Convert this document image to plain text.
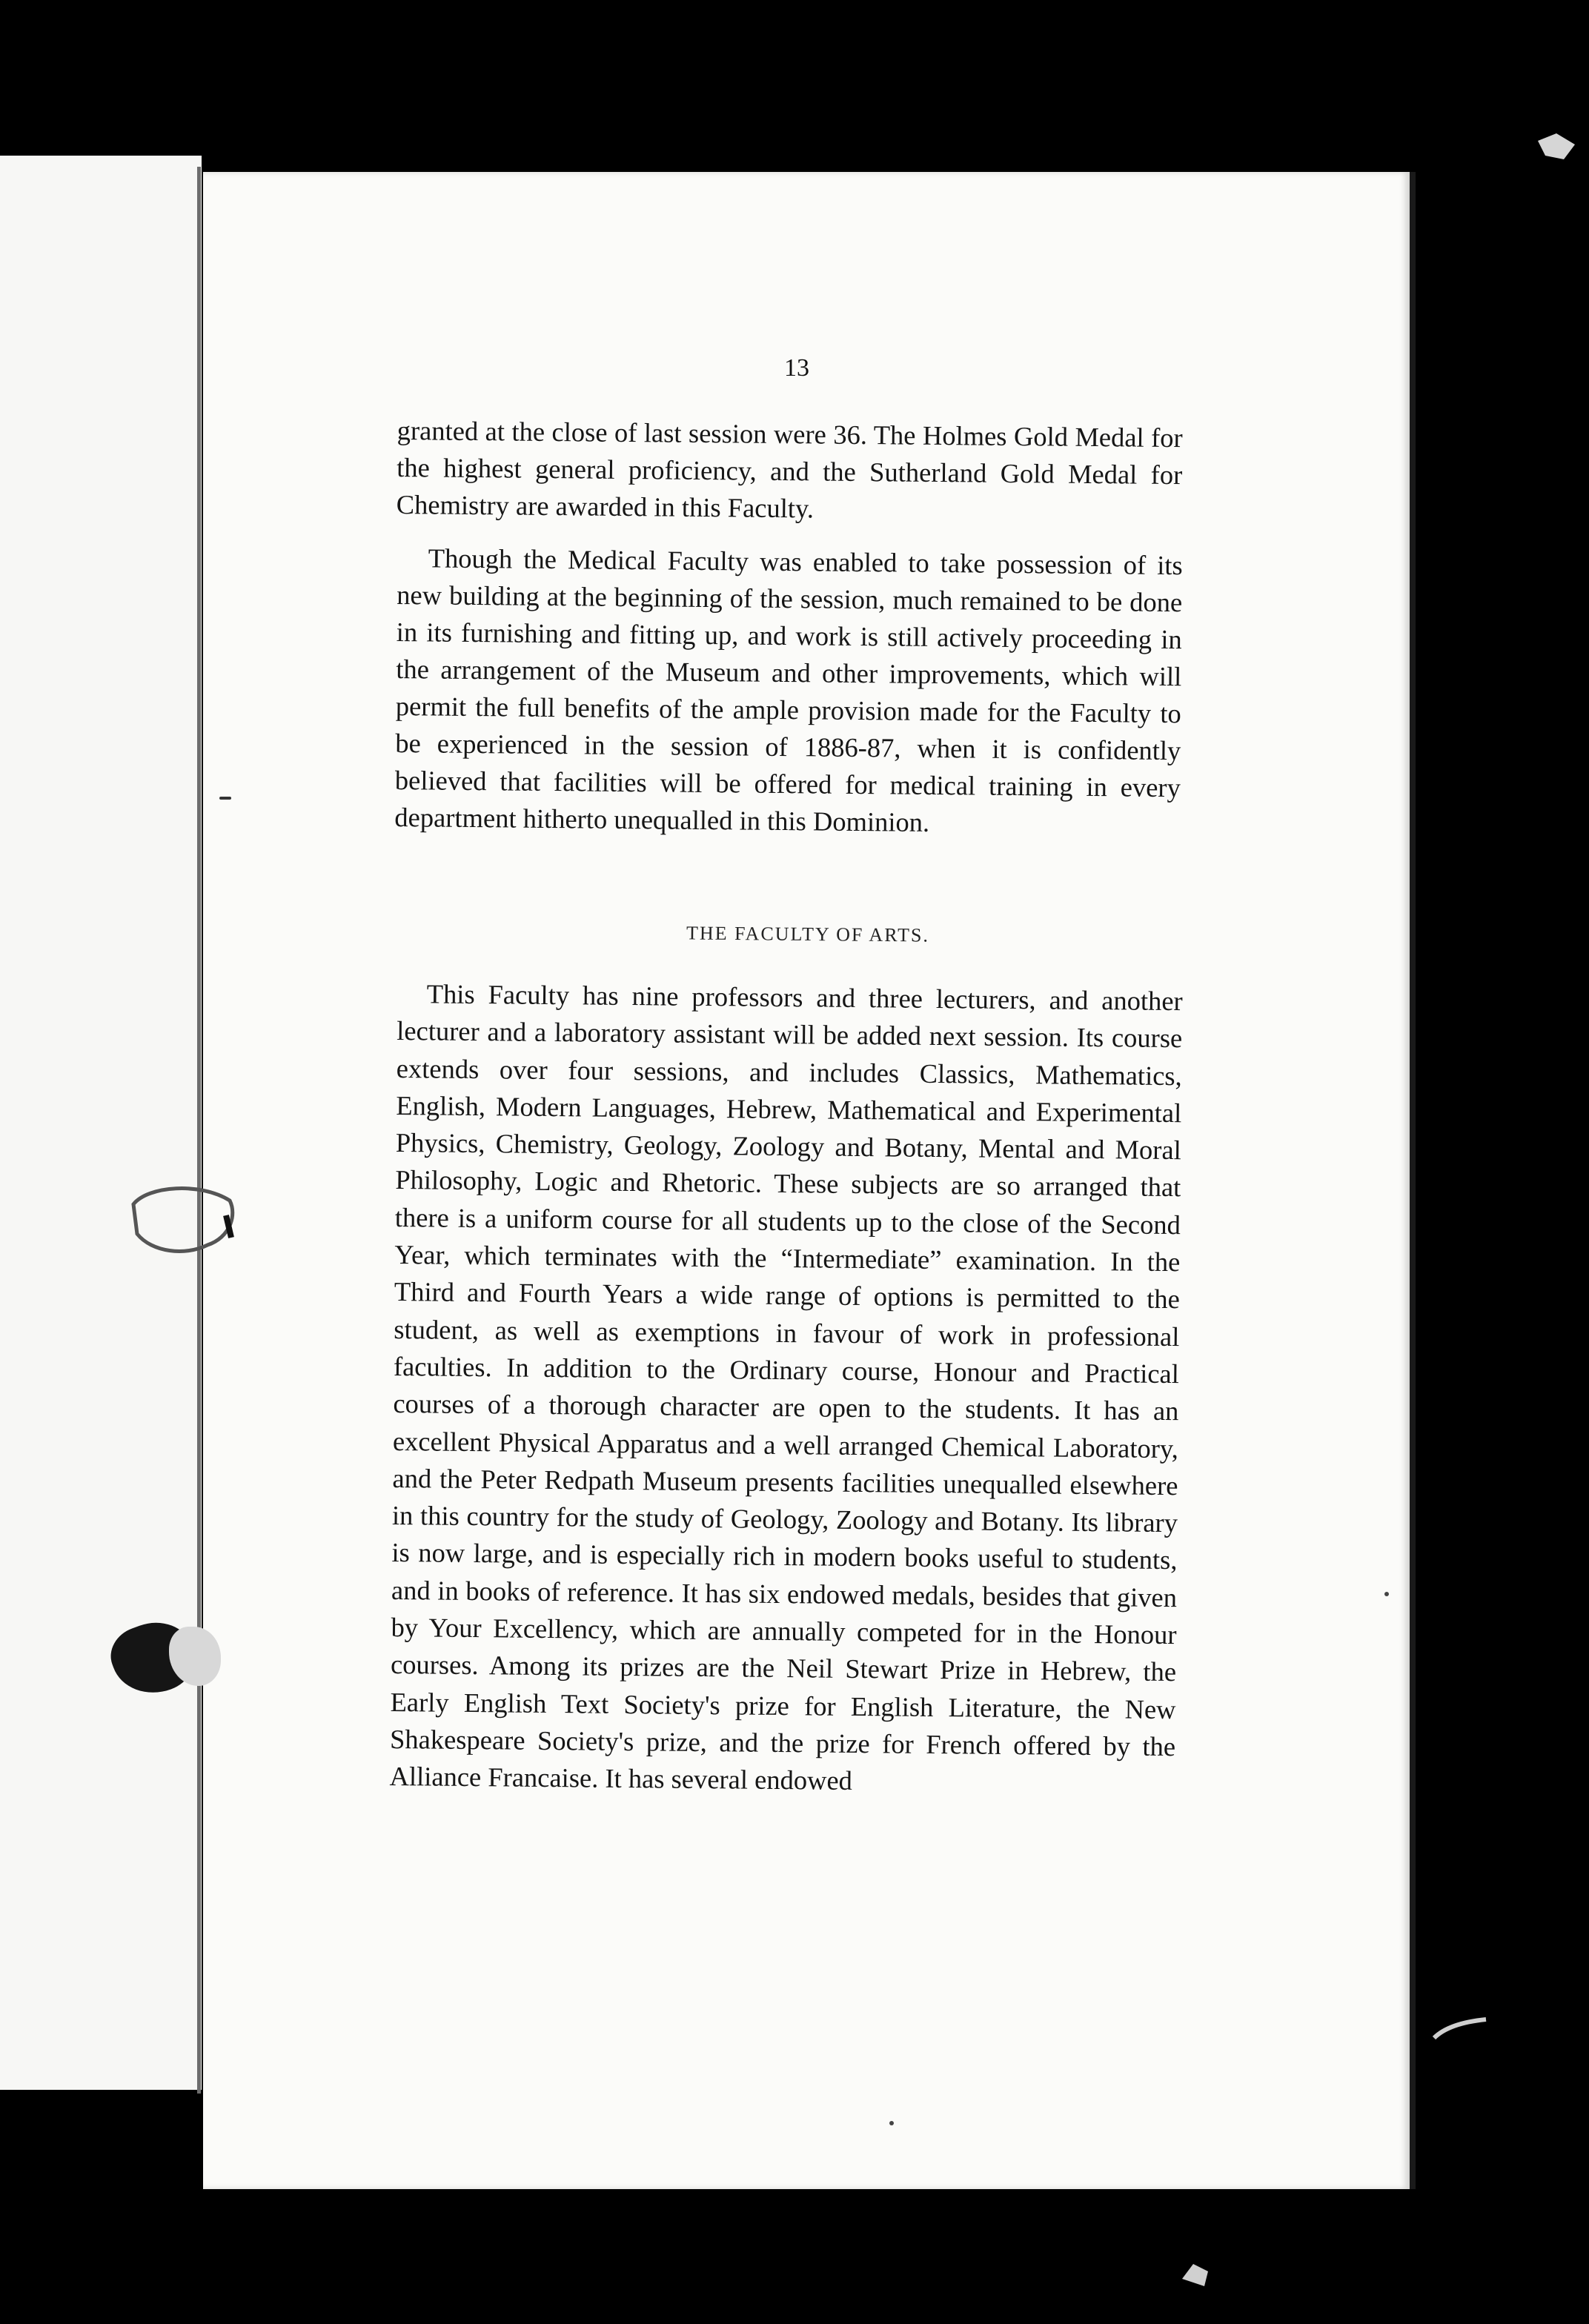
13

granted at the close of last session were 36. The Holmes Gold Medal for the highest general proficiency, and the Sutherland Gold Medal for Chemistry are awarded in this Faculty.

Though the Medical Faculty was enabled to take possession of its new building at the beginning of the session, much remained to be done in its furnishing and fitting up, and work is still actively proceeding in the arrangement of the Museum and other improvements, which will permit the full benefits of the ample provision made for the Faculty to be experienced in the session of 1886-87, when it is confidently believed that facilities will be offered for medical training in every department hitherto unequalled in this Dominion.

THE FACULTY OF ARTS.

This Faculty has nine professors and three lecturers, and another lecturer and a laboratory assistant will be added next session. Its course extends over four sessions, and includes Classics, Mathematics, English, Modern Languages, Hebrew, Mathematical and Experimental Physics, Chemistry, Geology, Zoology and Botany, Mental and Moral Philosophy, Logic and Rhetoric. These subjects are so arranged that there is a uniform course for all students up to the close of the Second Year, which terminates with the “Intermediate” examination. In the Third and Fourth Years a wide range of options is permitted to the student, as well as exemptions in favour of work in professional faculties. In addition to the Ordinary course, Honour and Practical courses of a thorough character are open to the students. It has an excellent Physical Apparatus and a well arranged Chemical Laboratory, and the Peter Redpath Museum presents facilities unequalled elsewhere in this country for the study of Geology, Zoology and Botany. Its library is now large, and is especially rich in modern books useful to students, and in books of reference. It has six endowed medals, besides that given by Your Excellency, which are annually competed for in the Honour courses. Among its prizes are the Neil Stewart Prize in Hebrew, the Early English Text Society's prize for English Literature, the New Shakespeare Society's prize, and the prize for French offered by the Alliance Francaise. It has several endowed
